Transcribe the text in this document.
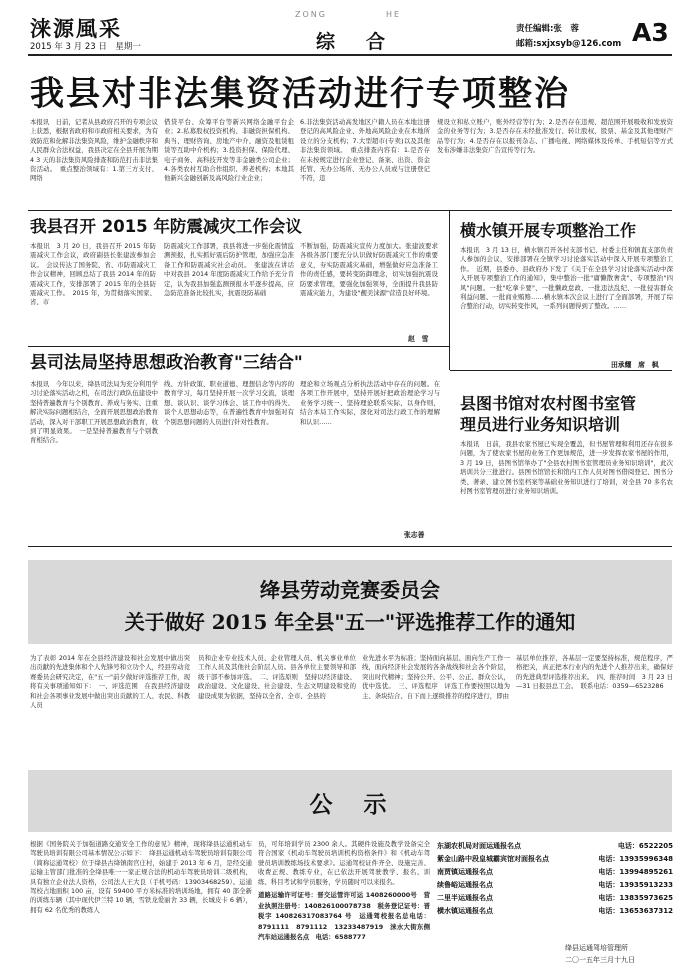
涞源風采
2015 年 3 月 23 日　星期一
ZONG	HE
综 合
责任编辑:张　蓉
邮箱:sxjxsyb@126.com A3
我县对非法集资活动进行专项整治
本报讯　日前，记者从县政府召开的专项会议上获悉，根据省政府和市政府相关要求，为有效防范和化解非法集资风险，维护金融秩序和人民群众合法权益，我县决定在全县开展为期 4 3 天的非法集资风险排查和防范打击非法集资活动。　重点整治领域有：1.第三方支付、网络
借贷平台、众筹平台等新兴网络金融平台企业；2.私募股权投资机构、非融资担保机构、典当、理财咨询、房地产中介、融资及租赁租赁等互助中介机构；3.投资担保、保险代理、电子商务、高科技开发等非金融类公司企业；4.各类农村互助合作组织、养老机构；本地其他新兴金融创新及高风险行业企业；
6.非法集资活动高发地区户籍人员在本地注册登记的高风险企业、外地高风险企业在本地所设立的分支机构；7.大型超市(专卖)以及其他非法集资领域。　重点排查内容有：1.是否存在未按规定进行企业登记、备案、出资、资金托管、无办公场所、无办公人员或与注册登记不符，违
规设立和私立账户，账外经营等行为；2.是否存在违规、超范围开展吸收和发放资金的业务等行为；3.是否存在未经批准发行、转让股权、股票、基金及其他理财产品等行为；4.是否存在以报刊杂志、广播电视、网络媒体及传单、手机短信等方式发布涉嫌非法集资广告宣传等行为。
我县召开 2015 年防震减灾工作会议
本报讯　3 月 20 日，我县召开 2015 年防震减灾工作会议，政府副县长张建波参加会议。　会议传达了国务院、省、市防震减灾工作会议精神，回顾总结了我县 2014 年的防震减灾工作，安排部署了 2015 年的全县防震减灾工作。　2015 年，为贯彻落实国家、省、市
防震减灾工作部署，我县将进一步强化震情监测预报，扎实抓好震后防护管理，加强应急准备工作和防震减灾社会动员。　张建波在讲话中对我县 2014 年度防震减灾工作给予充分肯定，认为我县加强监测预报水平逐步提高，应急防范准备比较扎实，抗震设防基础
不断加强，防震减灾宣传力度加大。张建波要求各级各部门要充分认识做好防震减灾工作的重要意义，夯实防震减灾基础，增强做好应急准备工作的责任感，要转变防御理念，切实加强抗震设防要求管理，要强化加强领导，全面提升我县防震减灾能力，为建设"靓美涞源"营造良好环境。
赵　雪
横水镇开展专项整治工作
本报讯　3 月 13 日，横水镇召开各村支部书记、村委主任和镇直支部负责人参加的会议，安排部署在全镇学习讨论落实活动中深入开展专项整治工作。　近期，县委办、县政府办下发了《关于在全县学习讨论落实活动中深入开展专项整治工作的通知》，集中整治一批"庸懒散奢贪"、专项整治"四风"问题。一批"吃拿卡要"、一批懒政怠政、一批违法乱纪、一批侵害群众利益问题、一批商业贿赂……横水镇本次会议上进行了全面部署，开展了综合整治行动，切实转变作风，一系列问题得到了整改。……
田承耀　席　枫
县司法局坚持思想政治教育"三结合"
本报讯　今年以来，绛县司法局为充分利用学习讨论落实活动之机，在司法行政队伍建设中坚持普遍教育与个别教育、养成与务实、注重解决实际问题相结合，全面开展思想政治教育活动，深入对干部职工开展思想政治教育，收到了明显效果。　一是坚持普遍教育与个别教育相结合。
线、方针政策、职业道德、理想信念等内容的教育学习，每月坚持开展一次学习交流，谈理想、谈认识、谈学习体会、谈工作中的得失、谈个人思想动态等，在普遍性教育中加强对有个别思想问题的人员进行针对性教育。
理论和立场观点分析执法活动中存在的问题。在各项工作开展中，坚持开展好把政治理论学习与业务学习统一、坚持理论联系实际、以身作则，结合本局工作实际，深化对司法行政工作的理解和认识……
张志善
县图书馆对农村图书室管
理员进行业务知识培训
本报讯　日前，我县农家书屋已实现全覆盖，但书屋管理和利用还存在很多问题，为了使农家书屋的业务工作更加规范，进一步发挥农家书屋的作用，3 月 19 日，县图书馆举办了"全县农村图书室管理员业务知识培训"，此次培训共分三批进行。县图书馆馆长和馆内工作人员对图书借阅登记、图书分类、著录、建立图书室档案等基础业务知识进行了培训，对全县 70 多名农村图书室管理员进行业务知识培训。
绛县劳动竞赛委员会
关于做好 2015 年全县"五一"评选推荐工作的通知
为了表彰 2014 年在全县经济建设和社会发展中做出突出贡献的先进集体和个人先锋号和立功个人，经县劳动竞赛委员会研究决定，在"五一"前夕做好评选推荐工作，现将有关事项通知如下：　一、评选范围　在我县经济建设和社会各项事业发展中做出突出贡献的工人、农民、科教人员
员和企业专业技术人员、企业管理人员、机关事业单位工作人员及其他社会阶层人员。县各单位主要领导和部级干部不参加评选。　二、评选原则　坚持以经济建设、政治建设、文化建设、社会建设、生态文明建设和党的建设成果为依据，坚持以全省、全市、全县的
业先进水平为标准；坚持面向基层、面向生产工作一线，面向经济社会发展的各条战线和社会各个阶层，突出时代精神；坚持公开、公平、公正、群众公认，优中选优。　三、评选程序　评选工作要按照以地为主、条块结合、自下而上逐级推荐的程序进行，即由
基层单位推荐，各基层一定要坚持标准，规范程序，严格把关，真正把本行业内的先进个人推荐出来，确保好的先进典型评选推荐出来。　四、推荐时间　3 月 23 日—31 日报县总工会。　联系电话：0359—6523286
公　示
根据《国务院关于加强道路交通安全工作的意见》精神，现将绛县运通机动车驾驶员培训有限公司基本情况公示如下：　绛县运通机动车驾驶员培训有限公司（简称运通驾校）位于绛县古绛镇南官庄村，始建于 2013 年 6 月，是经交通运输主管部门批准的全绛县唯一一家正规合法的机动车驾驶员培训二级机构，具有独立企业法人资格，公司法人王大良（手机号码：13903468259）。运通驾校占地面积 100 亩，设有 59400 平方米标准的培训场地，拥有 40 部全新的训练车辆（其中现代伊兰特 10 辆，雪铁龙爱丽舍 33 辆，长城皮卡 6 辆），拥有 62 名优秀的教练人
员，可年培训学员 2300 余人。其硬件设施及教学设备完全符合国家《机动车驾驶员培训机构资格条件》和《机动车驾驶员培训教练场技术要求》。运通驾校证件齐全、设施完善、收费正规、教练专业，在已依法开展驾驶教学、报名、训练、科目考试和学员服务，学员随时可以来报名。
道路运输许可证号：晋交运管许可运 1408260000号　营业执照注册号：140826100078738　税务登记证号：晋税字 140826317083764 号　运通驾校报名总电话：8791111　8791112　13233487919　涞水大街东侧汽车站运通报名点　电话：6588777
东湖农机局对面运通报名点	电话：6522205
紫金山路中段皇城霸宾馆对面报名点	电话：13935996348
南贾镇运通报名点	电话：13994895261
续鲁峪运通报名点	电话：13935913233
二里半运通报名点	电话：13835973625
横水镇运通报名点	电话：13653637312
绛县运通驾培管理所
二〇一五年三月十九日
